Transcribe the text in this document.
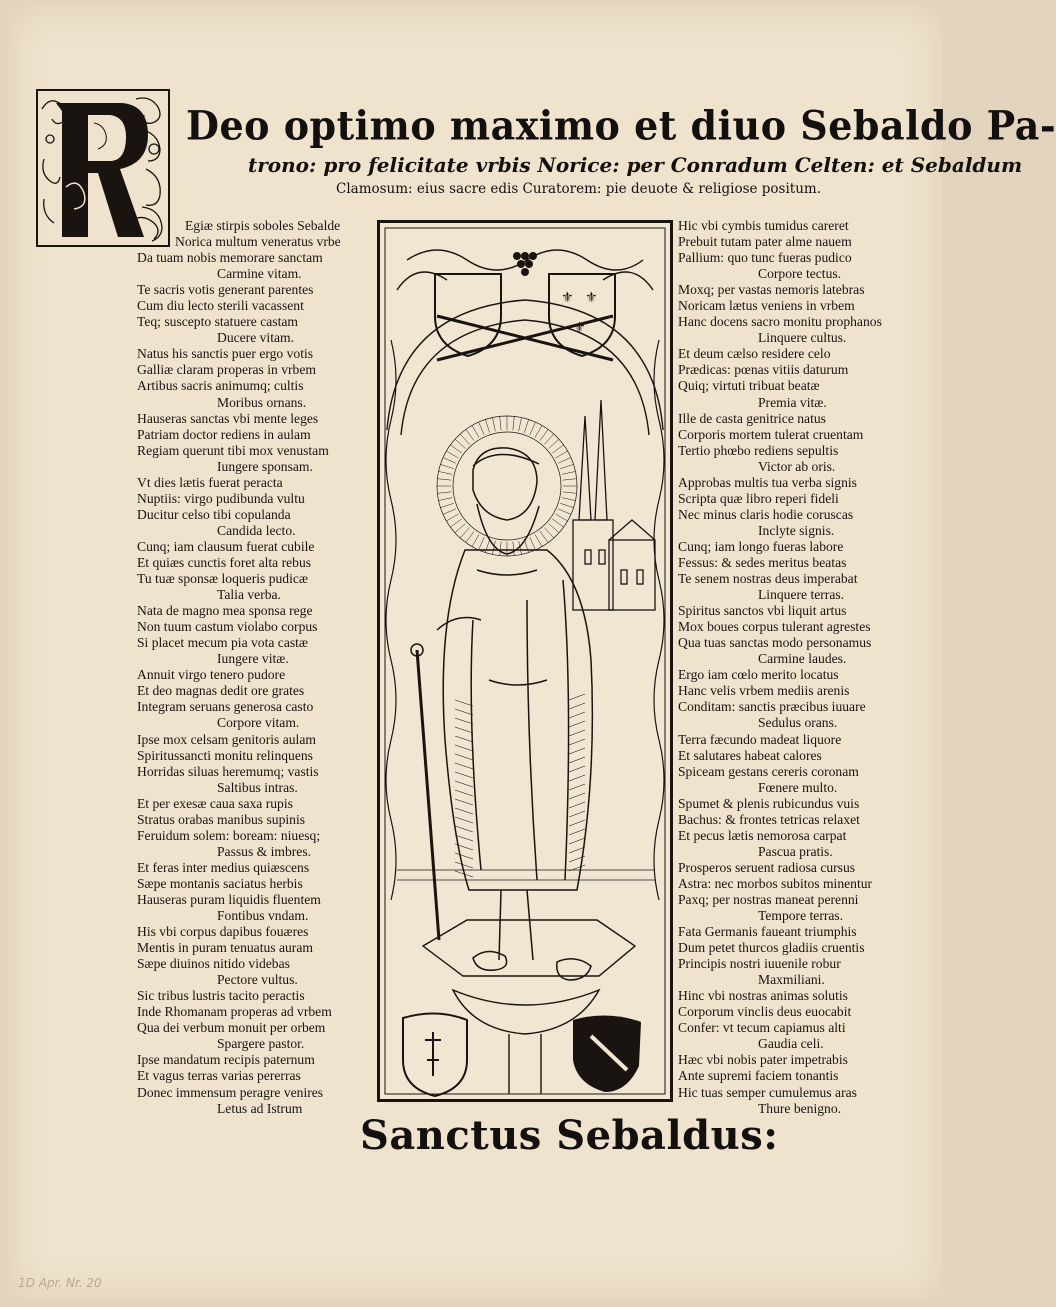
Deo optimo maximo et diuo Sebaldo Pa-
trono: pro felicitate vrbis Norice: per Conradum Celten: et Sebaldum
Clamosum: eius sacre edis Curatorem: pie deuote & religiose positum.
Egiæ stirpis soboles Sebalde
Norica multum veneratus vrbe
Da tuam nobis memorare sanctam
Carmine vitam.
Te sacris votis generant parentes
Cum diu lecto sterili vacassent
Teq; suscepto statuere castam
Ducere vitam.
Natus his sanctis puer ergo votis
Galliæ claram properas in vrbem
Artibus sacris animumq; cultis
Moribus ornans.
Hauseras sanctas vbi mente leges
Patriam doctor rediens in aulam
Regiam querunt tibi mox venustam
Iungere sponsam.
Vt dies lætis fuerat peracta
Nuptiis: virgo pudibunda vultu
Ducitur celso tibi copulanda
Candida lecto.
Cunq; iam clausum fuerat cubile
Et quiæs cunctis foret alta rebus
Tu tuæ sponsæ loqueris pudicæ
Talia verba.
Nata de magno mea sponsa rege
Non tuum castum violabo corpus
Si placet mecum pia vota castæ
Iungere vitæ.
Annuit virgo tenero pudore
Et deo magnas dedit ore grates
Integram seruans generosa casto
Corpore vitam.
Ipse mox celsam genitoris aulam
Spiritussancti monitu relinquens
Horridas siluas heremumq; vastis
Saltibus intras.
Et per exesæ caua saxa rupis
Stratus orabas manibus supinis
Feruidum solem: boream: niuesq;
Passus & imbres.
Et feras inter medius quiæscens
Sæpe montanis saciatus herbis
Hauseras puram liquidis fluentem
Fontibus vndam.
His vbi corpus dapibus fouæres
Mentis in puram tenuatus auram
Sæpe diuinos nitido videbas
Pectore vultus.
Sic tribus lustris tacito peractis
Inde Rhomanam properas ad vrbem
Qua dei verbum monuit per orbem
Spargere pastor.
Ipse mandatum recipis paternum
Et vagus terras varias pererras
Donec immensum peragre venires
Letus ad Istrum
Hic vbi cymbis tumidus careret
Prebuit tutam pater alme nauem
Pallium: quo tunc fueras pudico
Corpore tectus.
Moxq; per vastas nemoris latebras
Noricam lætus veniens in vrbem
Hanc docens sacro monitu prophanos
Linquere cultus.
Et deum cælso residere celo
Prædicas: pœnas vitiis daturum
Quiq; virtuti tribuat beatæ
Premia vitæ.
Ille de casta genitrice natus
Corporis mortem tulerat cruentam
Tertio phœbo rediens sepultis
Victor ab oris.
Approbas multis tua verba signis
Scripta quæ libro reperi fideli
Nec minus claris hodie coruscas
Inclyte signis.
Cunq; iam longo fueras labore
Fessus: & sedes meritus beatas
Te senem nostras deus imperabat
Linquere terras.
Spiritus sanctos vbi liquit artus
Mox boues corpus tulerant agrestes
Qua tuas sanctas modo personamus
Carmine laudes.
Ergo iam cœlo merito locatus
Hanc velis vrbem mediis arenis
Conditam: sanctis præcibus iuuare
Sedulus orans.
Terra fæcundo madeat liquore
Et salutares habeat calores
Spiceam gestans cereris coronam
Fœnere multo.
Spumet & plenis rubicundus vuis
Bachus: & frontes tetricas relaxet
Et pecus lætis nemorosa carpat
Pascua pratis.
Prosperos seruent radiosa cursus
Astra: nec morbos subitos minentur
Paxq; per nostras maneat perenni
Tempore terras.
Fata Germanis faueant triumphis
Dum petet thurcos gladiis cruentis
Principis nostri iuuenile robur
Maxmiliani.
Hinc vbi nostras animas solutis
Corporum vinclis deus euocabit
Confer: vt tecum capiamus alti
Gaudia celi.
Hæc vbi nobis pater impetrabis
Ante supremi faciem tonantis
Hic tuas semper cumulemus aras
Thure benigno.
⚜ ⚜
⚜
Sanctus Sebaldus:
1D Apr. Nr. 20
